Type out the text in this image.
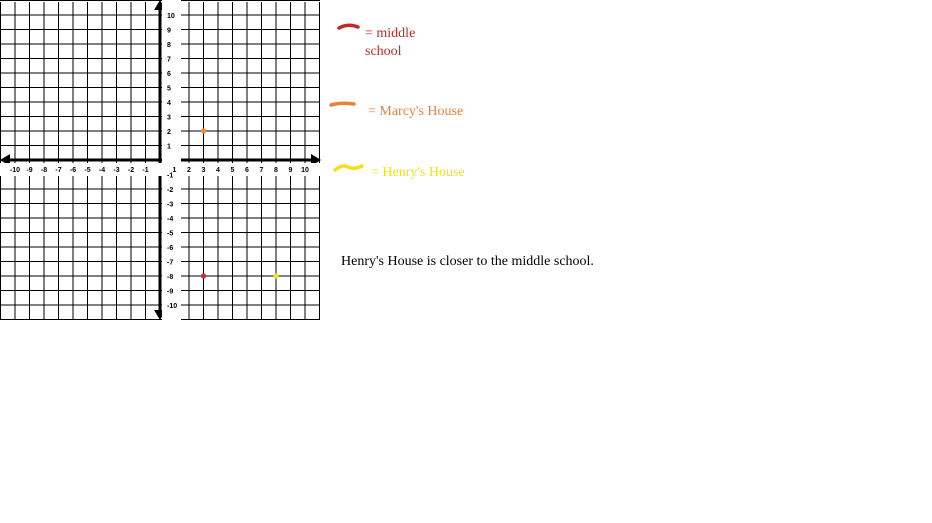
-10 -9 -8 -7 -6 -5 -4 -3 -2 -1	1 2 3 4 5 6 7 8 9 10
10
9
8
7
6
5
4
3
2
1
-1
-2
-3
-4
-5
-6
-7
-8
-9
-10
= middle
school
= Marcy's House
= Henry's House
Henry's House is closer to the middle school.
